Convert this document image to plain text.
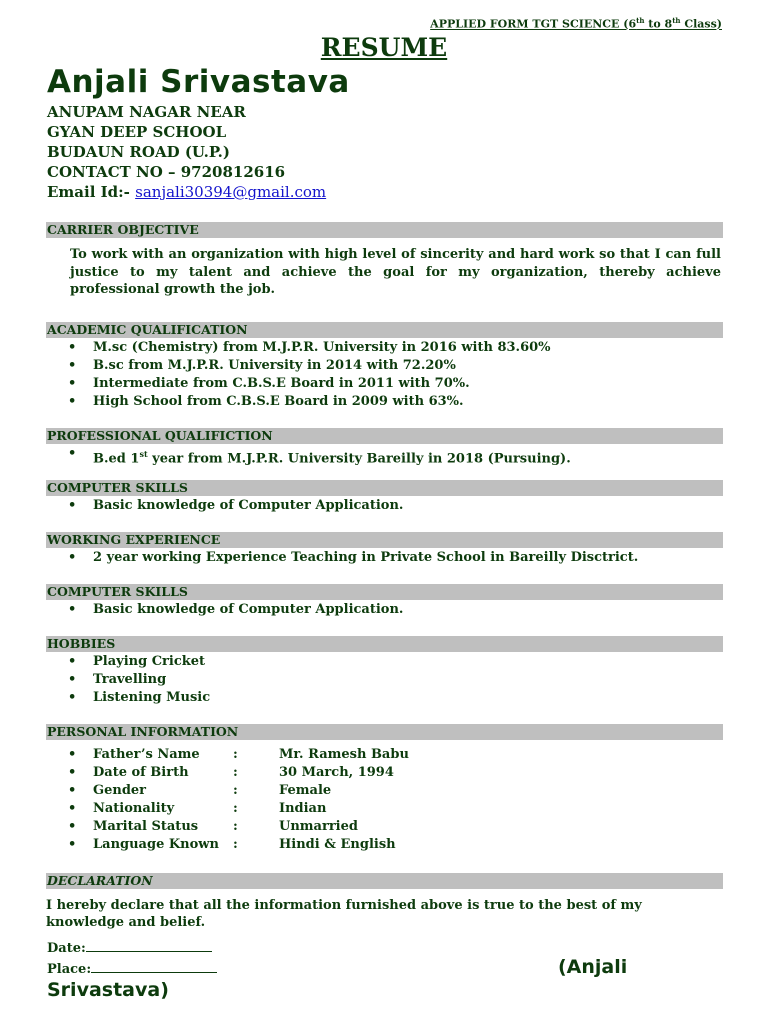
APPLIED FORM TGT SCIENCE (6th to 8th Class)
RESUME
Anjali Srivastava
ANUPAM NAGAR NEAR
GYAN DEEP SCHOOL
BUDAUN ROAD (U.P.)
CONTACT NO – 9720812616
Email Id:- sanjali30394@gmail.com
CARRIER OBJECTIVE
To work with an organization with high level of sincerity and hard work so that I can full justice to my talent and achieve the goal for my organization, thereby achieve professional growth the job.
ACADEMIC QUALIFICATION
• M.sc (Chemistry) from M.J.P.R. University in 2016 with 83.60%
• B.sc from M.J.P.R. University in 2014 with 72.20%
• Intermediate from C.B.S.E Board in 2011 with 70%.
• High School from C.B.S.E Board in 2009 with 63%.
PROFESSIONAL QUALIFICTION
• B.ed 1st year from M.J.P.R. University Bareilly in 2018 (Pursuing).
COMPUTER SKILLS
• Basic knowledge of Computer Application.
WORKING EXPERIENCE
• 2 year working Experience Teaching in Private School in Bareilly Disctrict.
COMPUTER SKILLS
• Basic knowledge of Computer Application.
HOBBIES
• Playing Cricket
• Travelling
• Listening Music
PERSONAL INFORMATION
• Father’s Name	:	Mr. Ramesh Babu
• Date of Birth	:	30 March, 1994
• Gender	:	Female
• Nationality	:	Indian
• Marital Status	:	Unmarried
• Language Known :	Hindi & English
DECLARATION
I hereby declare that all the information furnished above is true to the best of my knowledge and belief.
Date:
Place:	(Anjali
Srivastava)
